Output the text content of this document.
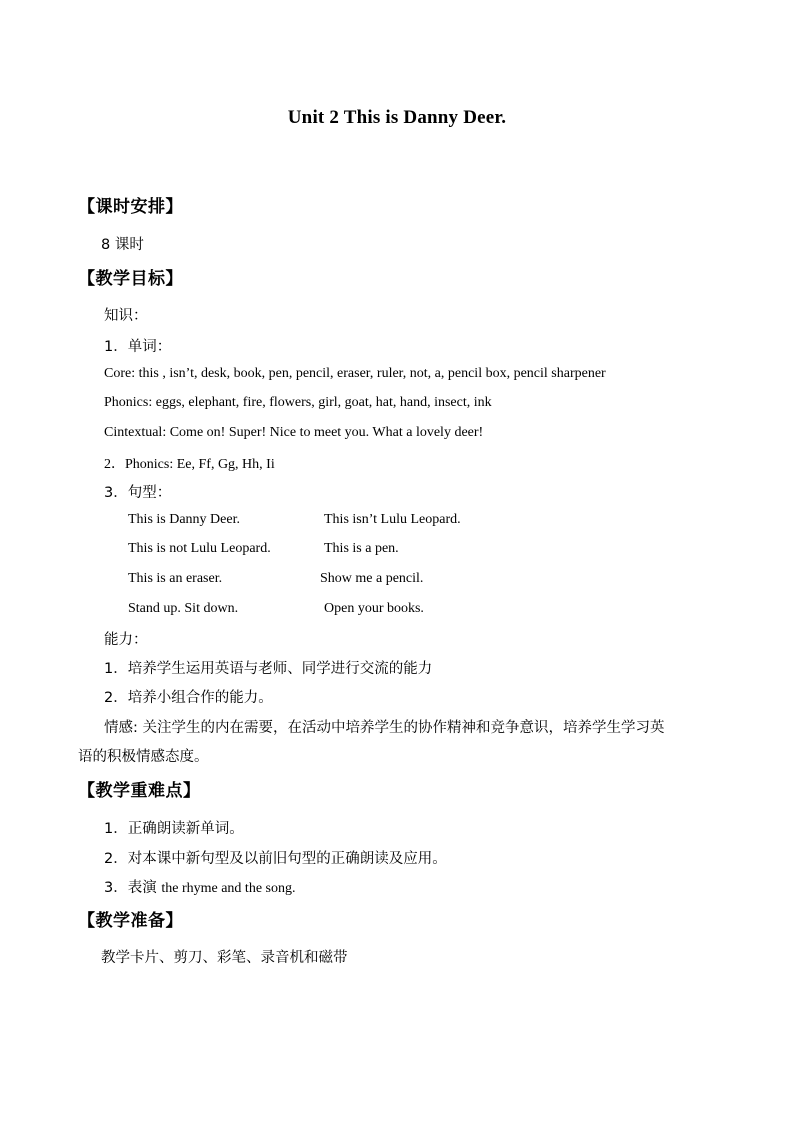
Unit 2 This is Danny Deer.
【课时安排】
8 课时
【教学目标】
知识：
1．单词：
Core: this , isn’t, desk, book, pen, pencil, eraser, ruler, not, a, pencil box, pencil sharpener
Phonics: eggs, elephant, fire, flowers, girl, goat, hat, hand, insect, ink
Cintextual: Come on! Super! Nice to meet you. What a lovely deer!
2．Phonics: Ee, Ff, Gg, Hh, Ii
3．句型：
This is Danny Deer.	This isn’t Lulu Leopard.
This is not Lulu Leopard.	This is a pen.
This is an eraser.	Show me a pencil.
Stand up. Sit down.	Open your books.
能力：
1．培养学生运用英语与老师、同学进行交流的能力
2．培养小组合作的能力。
情感: 关注学生的内在需要，在活动中培养学生的协作精神和竞争意识，培养学生学习英
语的积极情感态度。
【教学重难点】
1．正确朗读新单词。
2．对本课中新句型及以前旧句型的正确朗读及应用。
3．表演 the rhyme and the song.
【教学准备】
教学卡片、剪刀、彩笔、录音机和磁带
